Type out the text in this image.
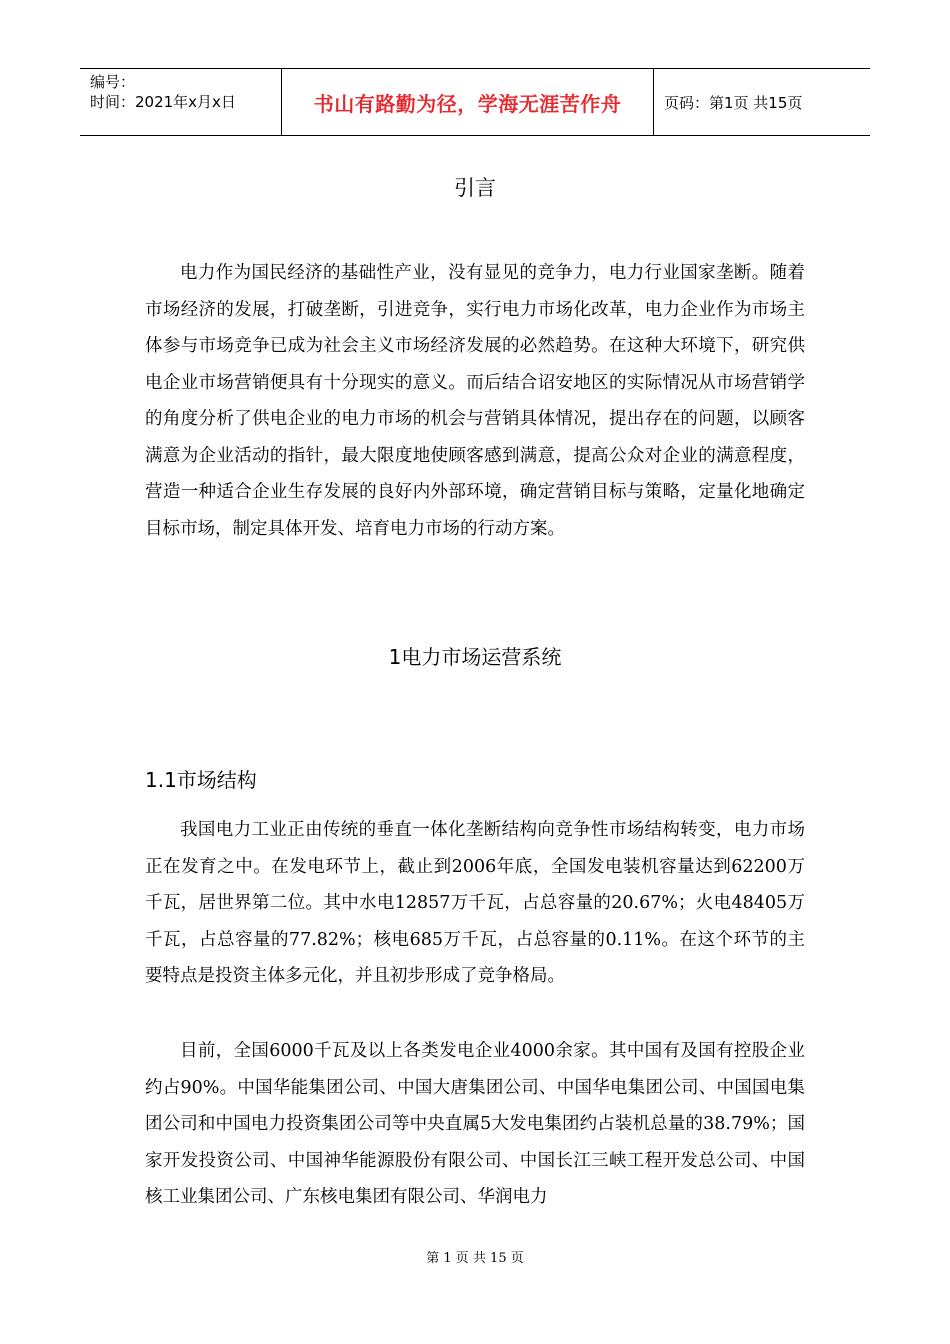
编号：
时间：2021年x月x日	书山有路勤为径，学海无涯苦作舟	页码：第1页 共15页
引言

电力作为国民经济的基础性产业，没有显见的竞争力，电力行业国家垄断。随着市场经济的发展，打破垄断，引进竞争，实行电力市场化改革，电力企业作为市场主体参与市场竞争已成为社会主义市场经济发展的必然趋势。在这种大环境下，研究供电企业市场营销便具有十分现实的意义。而后结合诏安地区的实际情况从市场营销学的角度分析了供电企业的电力市场的机会与营销具体情况，提出存在的问题，以顾客满意为企业活动的指针，最大限度地使顾客感到满意，提高公众对企业的满意程度，营造一种适合企业生存发展的良好内外部环境，确定营销目标与策略，定量化地确定目标市场，制定具体开发、培育电力市场的行动方案。

1电力市场运营系统
1.1市场结构

我国电力工业正由传统的垂直一体化垄断结构向竞争性市场结构转变，电力市场正在发育之中。在发电环节上，截止到2006年底，全国发电装机容量达到62200万千瓦，居世界第二位。其中水电12857万千瓦，占总容量的20.67%；火电48405万千瓦，占总容量的77.82%；核电685万千瓦，占总容量的0.11%。在这个环节的主要特点是投资主体多元化，并且初步形成了竞争格局。

目前，全国6000千瓦及以上各类发电企业4000余家。其中国有及国有控股企业约占90%。中国华能集团公司、中国大唐集团公司、中国华电集团公司、中国国电集团公司和中国电力投资集团公司等中央直属5大发电集团约占装机总量的38.79%；国家开发投资公司、中国神华能源股份有限公司、中国长江三峡工程开发总公司、中国核工业集团公司、广东核电集团有限公司、华润电力

第 1 页 共 15 页
